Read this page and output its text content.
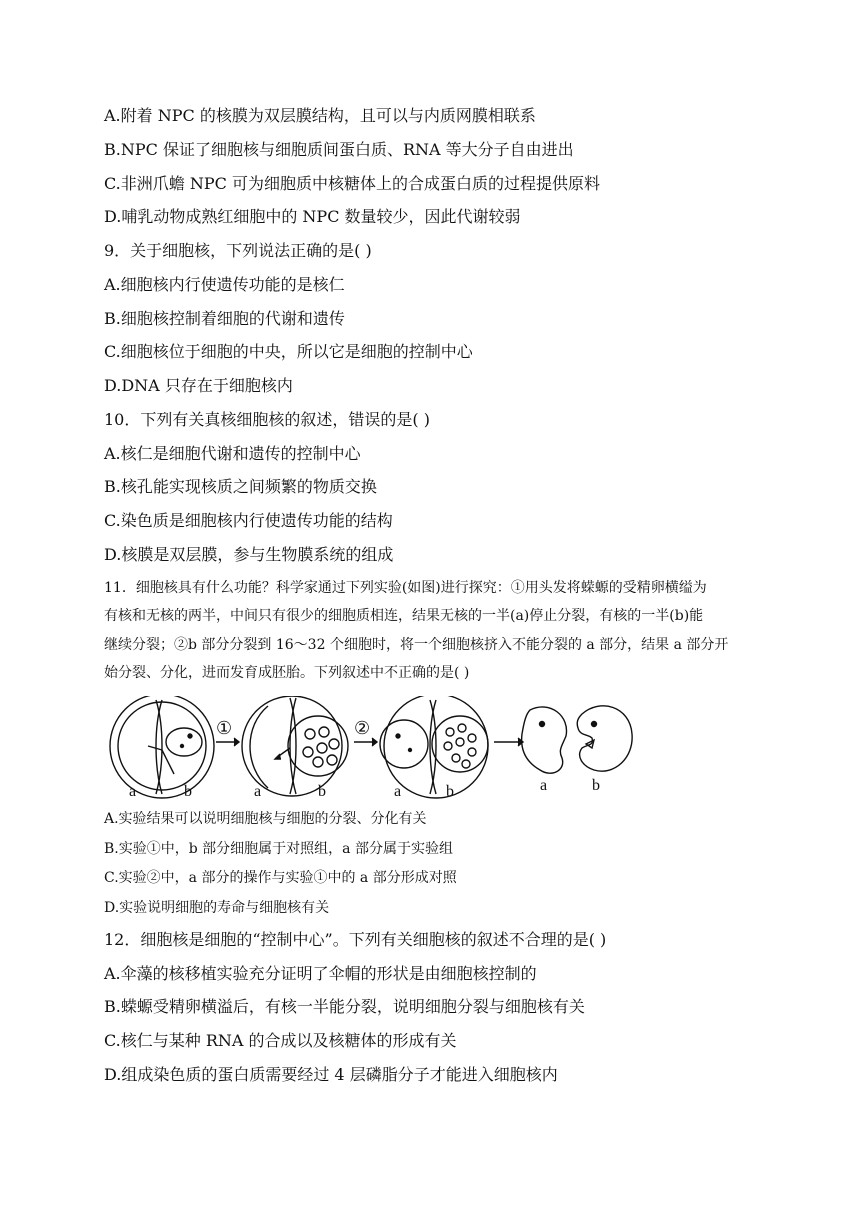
A.附着 NPC 的核膜为双层膜结构，且可以与内质网膜相联系
B.NPC 保证了细胞核与细胞质间蛋白质、RNA 等大分子自由进出
C.非洲爪蟾 NPC 可为细胞质中核糖体上的合成蛋白质的过程提供原料
D.哺乳动物成熟红细胞中的 NPC 数量较少，因此代谢较弱
9．关于细胞核，下列说法正确的是( )
A.细胞核内行使遗传功能的是核仁
B.细胞核控制着细胞的代谢和遗传
C.细胞核位于细胞的中央，所以它是细胞的控制中心
D.DNA 只存在于细胞核内
10．下列有关真核细胞核的叙述，错误的是( )
A.核仁是细胞代谢和遗传的控制中心
B.核孔能实现核质之间频繁的物质交换
C.染色质是细胞核内行使遗传功能的结构
D.核膜是双层膜，参与生物膜系统的组成
11．细胞核具有什么功能？科学家通过下列实验(如图)进行探究：①用头发将蝾螈的受精卵横缢为
有核和无核的两半，中间只有很少的细胞质相连，结果无核的一半(a)停止分裂，有核的一半(b)能
继续分裂；②b 部分分裂到 16～32 个细胞时，将一个细胞核挤入不能分裂的 a 部分，结果 a 部分开
始分裂、分化，进而发育成胚胎。下列叙述中不正确的是( )
a	b
①
a	b
②
a	b	a	b
A.实验结果可以说明细胞核与细胞的分裂、分化有关
B.实验①中，b 部分细胞属于对照组，a 部分属于实验组
C.实验②中，a 部分的操作与实验①中的 a 部分形成对照
D.实验说明细胞的寿命与细胞核有关
12．细胞核是细胞的“控制中心”。下列有关细胞核的叙述不合理的是( )
A.伞藻的核移植实验充分证明了伞帽的形状是由细胞核控制的
B.蝾螈受精卵横溢后，有核一半能分裂，说明细胞分裂与细胞核有关
C.核仁与某种 RNA 的合成以及核糖体的形成有关
D.组成染色质的蛋白质需要经过 4 层磷脂分子才能进入细胞核内
